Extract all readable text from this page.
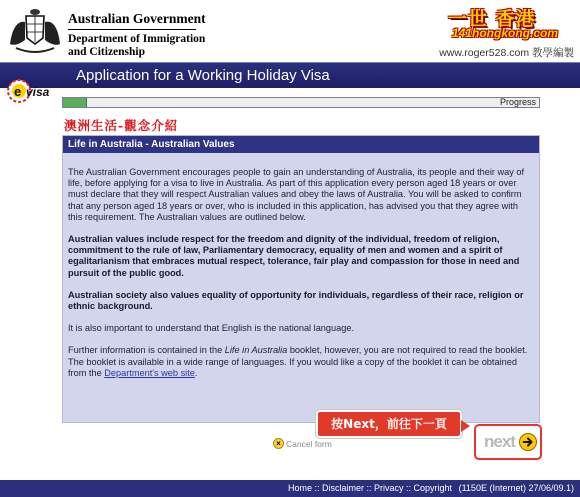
Australian Government
Department of Immigration
and Citizenship
一世 香港
141hongkong.com
www.roger528.com 教學編製
Application for a Working Holiday Visa
e visa
Progress
澳洲生活-觀念介紹
Life in Australia - Australian Values

The Australian Government encourages people to gain an understanding of Australia, its people and their way of life, before applying for a visa to live in Australia. As part of this application every person aged 18 years or over must declare that they will respect Australian values and obey the laws of Australia. You will be asked to confirm that any person aged 18 years or over, who is included in this application, has advised you that they agree with this requirement. The Australian values are outlined below.

Australian values include respect for the freedom and dignity of the individual, freedom of religion, commitment to the rule of law, Parliamentary democracy, equality of men and women and a spirit of egalitarianism that embraces mutual respect, tolerance, fair play and compassion for those in need and pursuit of the public good.

Australian society also values equality of opportunity for individuals, regardless of their race, religion or ethnic background.

It is also important to understand that English is the national language.

Further information is contained in the Life in Australia booklet, however, you are not required to read the booklet. The booklet is available in a wide range of languages. If you would like a copy of the booklet it can be obtained from the Department's web site.

× Cancel form
按Next，前往下一頁
next
Home :: Disclaimer :: Privacy :: Copyright (1150E (Internet) 27/06/09.1)
